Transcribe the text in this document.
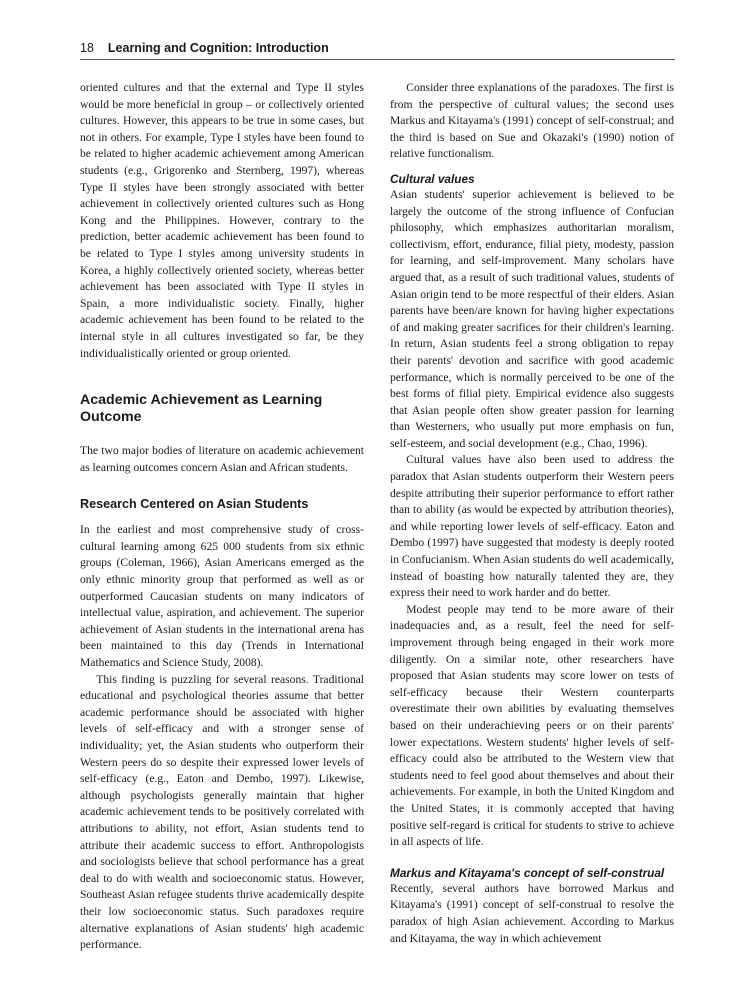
18 Learning and Cognition: Introduction

oriented cultures and that the external and Type II styles would be more beneficial in group – or collectively oriented cultures. However, this appears to be true in some cases, but not in others. For example, Type I styles have been found to be related to higher academic achievement among American students (e.g., Grigorenko and Sternberg, 1997), whereas Type II styles have been strongly associated with better achievement in collectively oriented cultures such as Hong Kong and the Philippines. However, contrary to the prediction, better academic achievement has been found to be related to Type I styles among university students in Korea, a highly collectively oriented society, whereas better achievement has been associated with Type II styles in Spain, a more individualistic society. Finally, higher academic achievement has been found to be related to the internal style in all cultures investigated so far, be they individualistically oriented or group oriented.

Academic Achievement as Learning Outcome

The two major bodies of literature on academic achievement as learning outcomes concern Asian and African students.

Research Centered on Asian Students

In the earliest and most comprehensive study of cross-cultural learning among 625 000 students from six ethnic groups (Coleman, 1966), Asian Americans emerged as the only ethnic minority group that performed as well as or outperformed Caucasian students on many indicators of intellectual value, aspiration, and achievement. The superior achievement of Asian students in the international arena has been maintained to this day (Trends in International Mathematics and Science Study, 2008).

This finding is puzzling for several reasons. Traditional educational and psychological theories assume that better academic performance should be associated with higher levels of self-efficacy and with a stronger sense of individuality; yet, the Asian students who outperform their Western peers do so despite their expressed lower levels of self-efficacy (e.g., Eaton and Dembo, 1997). Likewise, although psychologists generally maintain that higher academic achievement tends to be positively correlated with attributions to ability, not effort, Asian students tend to attribute their academic success to effort. Anthropologists and sociologists believe that school performance has a great deal to do with wealth and socioeconomic status. However, Southeast Asian refugee students thrive academically despite their low socioeconomic status. Such paradoxes require alternative explanations of Asian students' high academic performance.

Consider three explanations of the paradoxes. The first is from the perspective of cultural values; the second uses Markus and Kitayama's (1991) concept of self-construal; and the third is based on Sue and Okazaki's (1990) notion of relative functionalism.

Cultural values

Asian students' superior achievement is believed to be largely the outcome of the strong influence of Confucian philosophy, which emphasizes authoritarian moralism, collectivism, effort, endurance, filial piety, modesty, passion for learning, and self-improvement. Many scholars have argued that, as a result of such traditional values, students of Asian origin tend to be more respectful of their elders. Asian parents have been/are known for having higher expectations of and making greater sacrifices for their children's learning. In return, Asian students feel a strong obligation to repay their parents' devotion and sacrifice with good academic performance, which is normally perceived to be one of the best forms of filial piety. Empirical evidence also suggests that Asian people often show greater passion for learning than Westerners, who usually put more emphasis on fun, self-esteem, and social development (e.g., Chao, 1996).

Cultural values have also been used to address the paradox that Asian students outperform their Western peers despite attributing their superior performance to effort rather than to ability (as would be expected by attribution theories), and while reporting lower levels of self-efficacy. Eaton and Dembo (1997) have suggested that modesty is deeply rooted in Confucianism. When Asian students do well academically, instead of boasting how naturally talented they are, they express their need to work harder and do better.

Modest people may tend to be more aware of their inadequacies and, as a result, feel the need for self-improvement through being engaged in their work more diligently. On a similar note, other researchers have proposed that Asian students may score lower on tests of self-efficacy because their Western counterparts overestimate their own abilities by evaluating themselves based on their underachieving peers or on their parents' lower expectations. Western students' higher levels of self-efficacy could also be attributed to the Western view that students need to feel good about themselves and about their achievements. For example, in both the United Kingdom and the United States, it is commonly accepted that having positive self-regard is critical for students to strive to achieve in all aspects of life.

Markus and Kitayama's concept of self-construal

Recently, several authors have borrowed Markus and Kitayama's (1991) concept of self-construal to resolve the paradox of high Asian achievement. According to Markus and Kitayama, the way in which achievement
